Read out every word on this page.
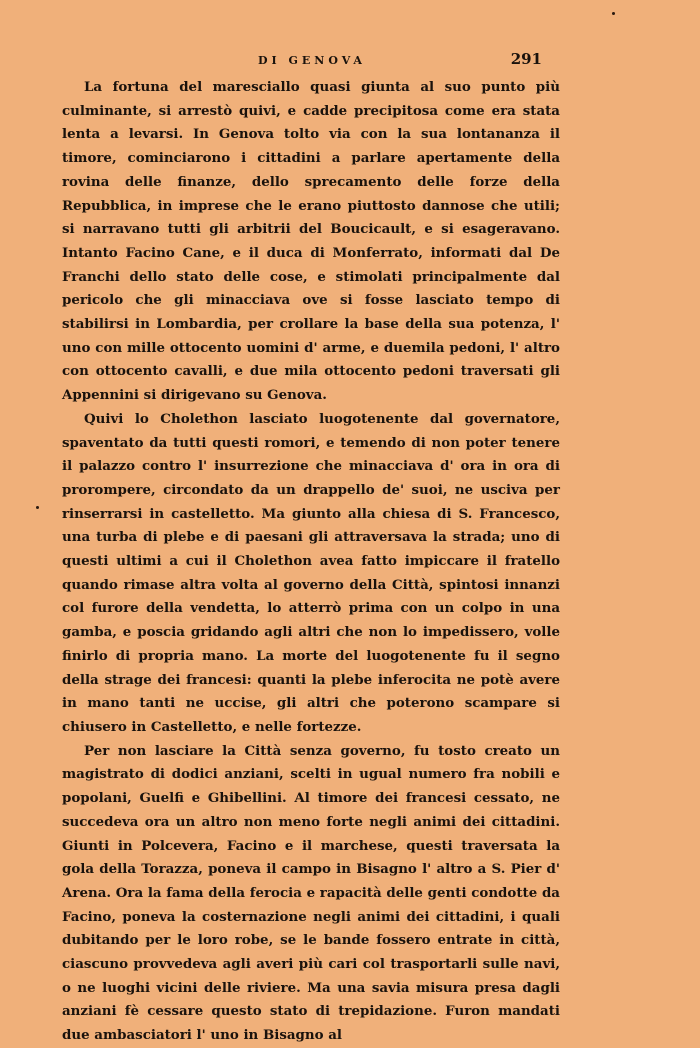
DI GENOVA	291

La fortuna del maresciallo quasi giunta al suo punto più culminante, si arrestò quivi, e cadde precipitosa come era stata lenta a levarsi. In Genova tolto via con la sua lontananza il timore, cominciarono i cittadini a parlare apertamente della rovina delle finanze, dello sprecamento delle forze della Repubblica, in imprese che le erano piuttosto dannose che utili; si narravano tutti gli arbitrii del Boucicault, e si esageravano. Intanto Facino Cane, e il duca di Monferrato, informati dal De Franchi dello stato delle cose, e stimolati principalmente dal pericolo che gli minacciava ove si fosse lasciato tempo di stabilirsi in Lombardia, per crollare la base della sua potenza, l' uno con mille ottocento uomini d' arme, e duemila pedoni, l' altro con ottocento cavalli, e due mila ottocento pedoni traversati gli Appennini si dirigevano su Genova.

Quivi lo Cholethon lasciato luogotenente dal governatore, spaventato da tutti questi romori, e temendo di non poter tenere il palazzo contro l' insurrezione che minacciava d' ora in ora di prorompere, circondato da un drappello de' suoi, ne usciva per rinserrarsi in castelletto. Ma giunto alla chiesa di S. Francesco, una turba di plebe e di paesani gli attraversava la strada; uno di questi ultimi a cui il Cholethon avea fatto impiccare il fratello quando rimase altra volta al governo della Città, spintosi innanzi col furore della vendetta, lo atterrò prima con un colpo in una gamba, e poscia gridando agli altri che non lo impedissero, volle finirlo di propria mano. La morte del luogotenente fu il segno della strage dei francesi: quanti la plebe inferocita ne potè avere in mano tanti ne uccise, gli altri che poterono scampare si chiusero in Castelletto, e nelle fortezze.

Per non lasciare la Città senza governo, fu tosto creato un magistrato di dodici anziani, scelti in ugual numero fra nobili e popolani, Guelfi e Ghibellini. Al timore dei francesi cessato, ne succedeva ora un altro non meno forte negli animi dei cittadini. Giunti in Polcevera, Facino e il marchese, questi traversata la gola della Torazza, poneva il campo in Bisagno l' altro a S. Pier d' Arena. Ora la fama della ferocia e rapacità delle genti condotte da Facino, poneva la costernazione negli animi dei cittadini, i quali dubitando per le loro robe, se le bande fossero entrate in città, ciascuno provvedeva agli averi più cari col trasportarli sulle navi, o ne luoghi vicini delle riviere. Ma una savia misura presa dagli anziani fè cessare questo stato di trepidazione. Furon mandati due ambasciatori l' uno in Bisagno al
